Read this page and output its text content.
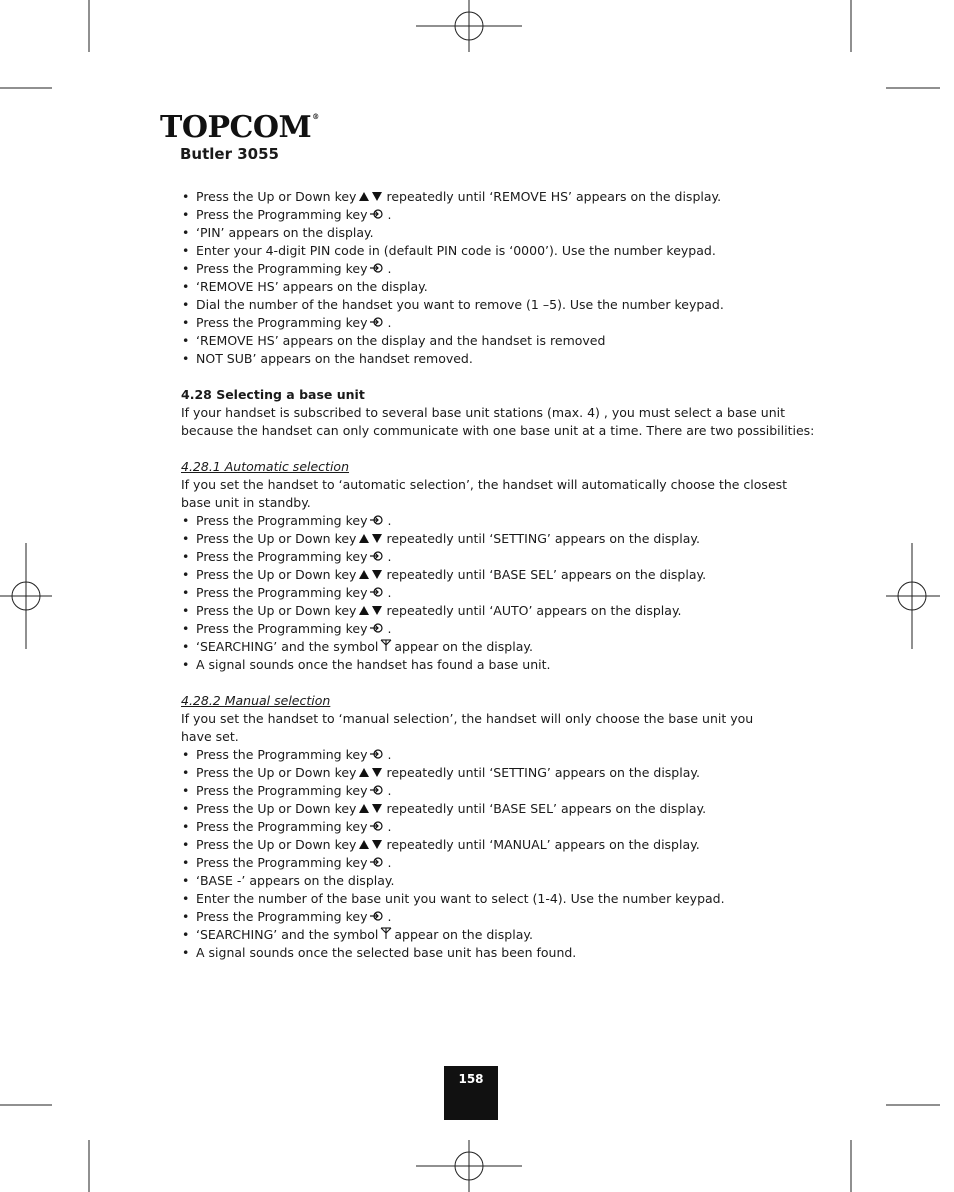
TOPCOM®
Butler 3055
• Press the Up or Down key repeatedly until ‘REMOVE HS’ appears on the display.
• Press the Programming key .
• ‘PIN’ appears on the display.
• Enter your 4-digit PIN code in (default PIN code is ‘0000’). Use the number keypad.
• Press the Programming key .
• ‘REMOVE HS’ appears on the display.
• Dial the number of the handset you want to remove (1 –5). Use the number keypad.
• Press the Programming key .
• ‘REMOVE HS’ appears on the display and the handset is removed
• NOT SUB’ appears on the handset removed.

4.28 Selecting a base unit

If your handset is subscribed to several base unit stations (max. 4) , you must select a base unit

because the handset can only communicate with one base unit at a time. There are two possibilities:

4.28.1 Automatic selection

If you set the handset to ‘automatic selection’, the handset will automatically choose the closest

base unit in standby.

• Press the Programming key .
• Press the Up or Down key repeatedly until ‘SETTING’ appears on the display.
• Press the Programming key .
• Press the Up or Down key repeatedly until ‘BASE SEL’ appears on the display.
• Press the Programming key .
• Press the Up or Down key repeatedly until ‘AUTO’ appears on the display.
• Press the Programming key .
• ‘SEARCHING’ and the symbol appear on the display.
• A signal sounds once the handset has found a base unit.

4.28.2 Manual selection

If you set the handset to ‘manual selection’, the handset will only choose the base unit you

have set.

• Press the Programming key .
• Press the Up or Down key repeatedly until ‘SETTING’ appears on the display.
• Press the Programming key .
• Press the Up or Down key repeatedly until ‘BASE SEL’ appears on the display.
• Press the Programming key .
• Press the Up or Down key repeatedly until ‘MANUAL’ appears on the display.
• Press the Programming key .
• ‘BASE -’ appears on the display.
• Enter the number of the base unit you want to select (1-4). Use the number keypad.
• Press the Programming key .
• ‘SEARCHING’ and the symbol appear on the display.
• A signal sounds once the selected base unit has been found.
158
